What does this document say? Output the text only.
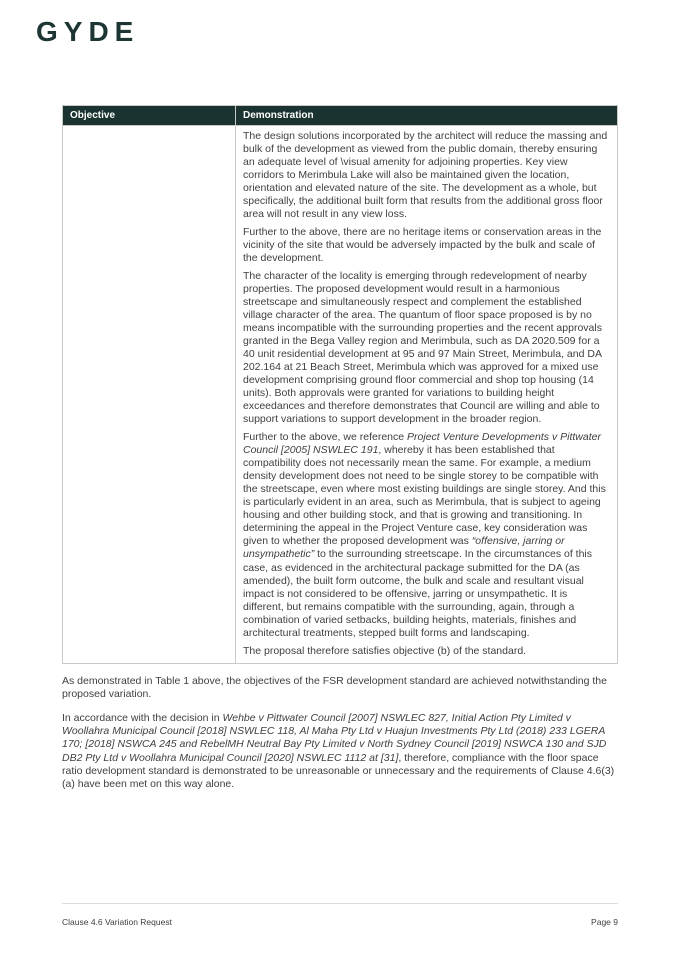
GYDE
Objective	Demonstration

	The design solutions incorporated by the architect will reduce the massing and bulk of the development as viewed from the public domain, thereby ensuring an adequate level of \visual amenity for adjoining properties. Key view corridors to Merimbula Lake will also be maintained given the location, orientation and elevated nature of the site. The development as a whole, but specifically, the additional built form that results from the additional gross floor area will not result in any view loss.

Further to the above, there are no heritage items or conservation areas in the vicinity of the site that would be adversely impacted by the bulk and scale of the development.

The character of the locality is emerging through redevelopment of nearby properties. The proposed development would result in a harmonious streetscape and simultaneously respect and complement the established village character of the area. The quantum of floor space proposed is by no means incompatible with the surrounding properties and the recent approvals granted in the Bega Valley region and Merimbula, such as DA 2020.509 for a 40 unit residential development at 95 and 97 Main Street, Merimbula, and DA 202.164 at 21 Beach Street, Merimbula which was approved for a mixed use development comprising ground floor commercial and shop top housing (14 units). Both approvals were granted for variations to building height exceedances and therefore demonstrates that Council are willing and able to support variations to support development in the broader region.

Further to the above, we reference Project Venture Developments v Pittwater Council [2005] NSWLEC 191, whereby it has been established that compatibility does not necessarily mean the same. For example, a medium density development does not need to be single storey to be compatible with the streetscape, even where most existing buildings are single storey. And this is particularly evident in an area, such as Merimbula, that is subject to ageing housing and other building stock, and that is growing and transitioning. In determining the appeal in the Project Venture case, key consideration was given to whether the proposed development was “offensive, jarring or unsympathetic” to the surrounding streetscape. In the circumstances of this case, as evidenced in the architectural package submitted for the DA (as amended), the built form outcome, the bulk and scale and resultant visual impact is not considered to be offensive, jarring or unsympathetic. It is different, but remains compatible with the surrounding, again, through a combination of varied setbacks, building heights, materials, finishes and architectural treatments, stepped built forms and landscaping.

The proposal therefore satisfies objective (b) of the standard.

As demonstrated in Table 1 above, the objectives of the FSR development standard are achieved notwithstanding the proposed variation.

In accordance with the decision in Wehbe v Pittwater Council [2007] NSWLEC 827, Initial Action Pty Limited v Woollahra Municipal Council [2018] NSWLEC 118, Al Maha Pty Ltd v Huajun Investments Pty Ltd (2018) 233 LGERA 170; [2018] NSWCA 245 and RebelMH Neutral Bay Pty Limited v North Sydney Council [2019] NSWCA 130 and SJD DB2 Pty Ltd v Woollahra Municipal Council [2020] NSWLEC 1112 at [31], therefore, compliance with the floor space ratio development standard is demonstrated to be unreasonable or unnecessary and the requirements of Clause 4.6(3)(a) have been met on this way alone.

Clause 4.6 Variation Request	Page 9
